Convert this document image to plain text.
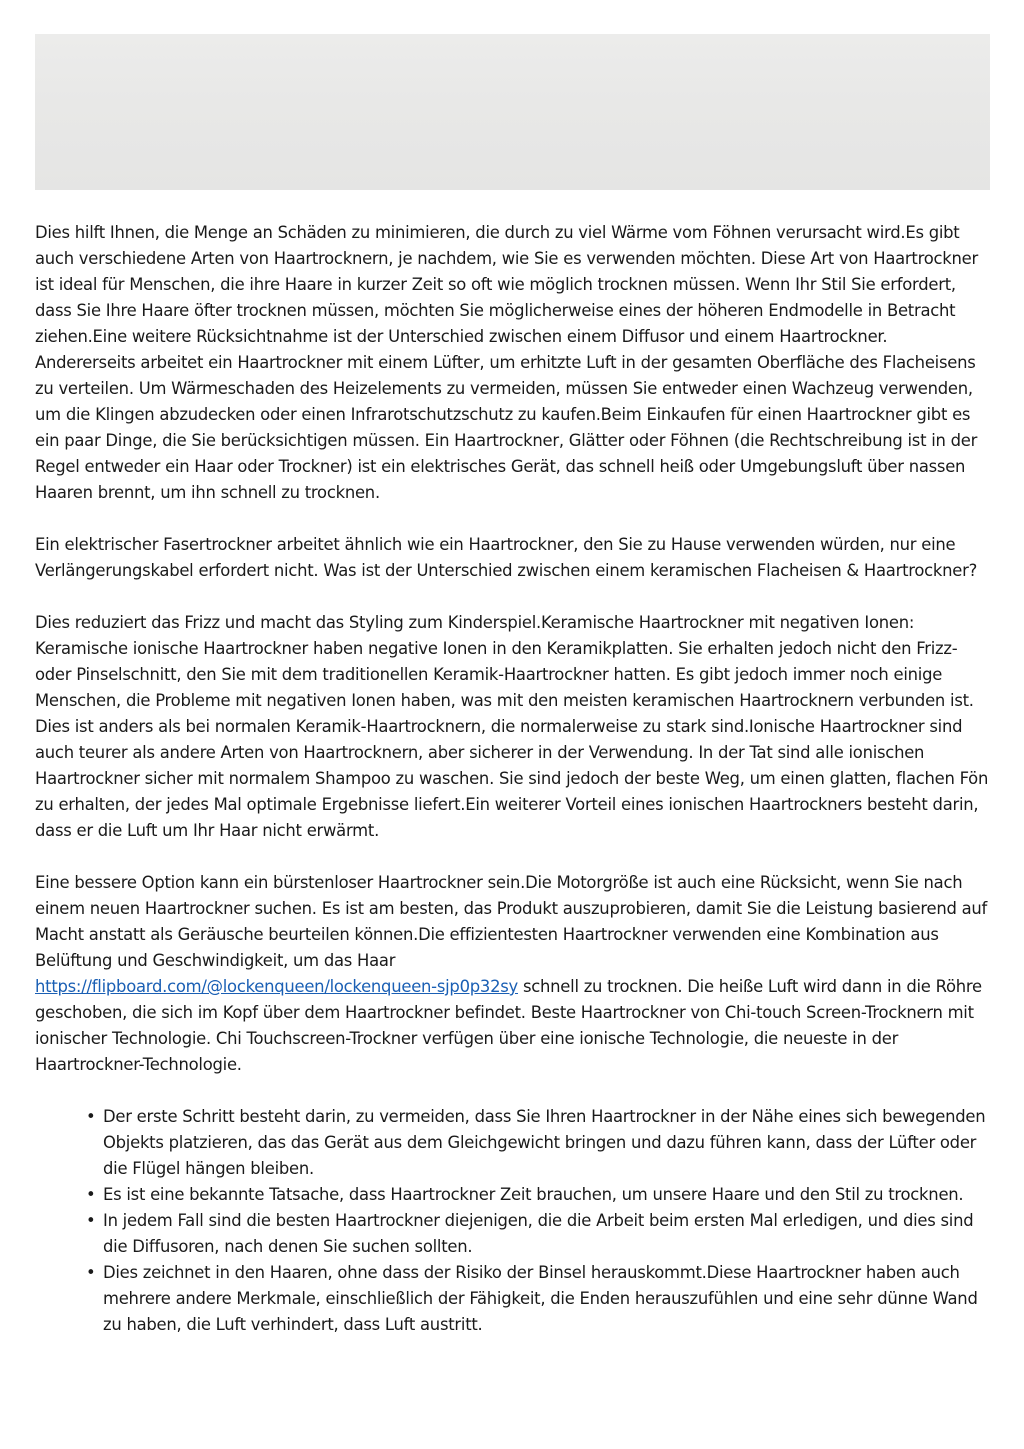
Dies hilft Ihnen, die Menge an Schäden zu minimieren, die durch zu viel Wärme vom Föhnen verursacht wird.Es gibt auch verschiedene Arten von Haartrocknern, je nachdem, wie Sie es verwenden möchten. Diese Art von Haartrockner ist ideal für Menschen, die ihre Haare in kurzer Zeit so oft wie möglich trocknen müssen. Wenn Ihr Stil Sie erfordert, dass Sie Ihre Haare öfter trocknen müssen, möchten Sie möglicherweise eines der höheren Endmodelle in Betracht ziehen.Eine weitere Rücksichtnahme ist der Unterschied zwischen einem Diffusor und einem Haartrockner. Andererseits arbeitet ein Haartrockner mit einem Lüfter, um erhitzte Luft in der gesamten Oberfläche des Flacheisens zu verteilen. Um Wärmeschaden des Heizelements zu vermeiden, müssen Sie entweder einen Wachzeug verwenden, um die Klingen abzudecken oder einen Infrarotschutzschutz zu kaufen.Beim Einkaufen für einen Haartrockner gibt es ein paar Dinge, die Sie berücksichtigen müssen. Ein Haartrockner, Glätter oder Föhnen (die Rechtschreibung ist in der Regel entweder ein Haar oder Trockner) ist ein elektrisches Gerät, das schnell heiß oder Umgebungsluft über nassen Haaren brennt, um ihn schnell zu trocknen.

Ein elektrischer Fasertrockner arbeitet ähnlich wie ein Haartrockner, den Sie zu Hause verwenden würden, nur eine Verlängerungskabel erfordert nicht. Was ist der Unterschied zwischen einem keramischen Flacheisen & Haartrockner?

Dies reduziert das Frizz und macht das Styling zum Kinderspiel.Keramische Haartrockner mit negativen Ionen: Keramische ionische Haartrockner haben negative Ionen in den Keramikplatten. Sie erhalten jedoch nicht den Frizz- oder Pinselschnitt, den Sie mit dem traditionellen Keramik-Haartrockner hatten. Es gibt jedoch immer noch einige Menschen, die Probleme mit negativen Ionen haben, was mit den meisten keramischen Haartrocknern verbunden ist. Dies ist anders als bei normalen Keramik-Haartrocknern, die normalerweise zu stark sind.Ionische Haartrockner sind auch teurer als andere Arten von Haartrocknern, aber sicherer in der Verwendung. In der Tat sind alle ionischen Haartrockner sicher mit normalem Shampoo zu waschen. Sie sind jedoch der beste Weg, um einen glatten, flachen Fön zu erhalten, der jedes Mal optimale Ergebnisse liefert.Ein weiterer Vorteil eines ionischen Haartrockners besteht darin, dass er die Luft um Ihr Haar nicht erwärmt.

Eine bessere Option kann ein bürstenloser Haartrockner sein.Die Motorgröße ist auch eine Rücksicht, wenn Sie nach einem neuen Haartrockner suchen. Es ist am besten, das Produkt auszuprobieren, damit Sie die Leistung basierend auf Macht anstatt als Geräusche beurteilen können.Die effizientesten Haartrockner verwenden eine Kombination aus Belüftung und Geschwindigkeit, um das Haar
https://flipboard.com/@lockenqueen/lockenqueen-sjp0p32sy schnell zu trocknen. Die heiße Luft wird dann in die Röhre geschoben, die sich im Kopf über dem Haartrockner befindet. Beste Haartrockner von Chi-touch Screen-Trocknern mit ionischer Technologie. Chi Touchscreen-Trockner verfügen über eine ionische Technologie, die neueste in der Haartrockner-Technologie.

• Der erste Schritt besteht darin, zu vermeiden, dass Sie Ihren Haartrockner in der Nähe eines sich bewegenden Objekts platzieren, das das Gerät aus dem Gleichgewicht bringen und dazu führen kann, dass der Lüfter oder die Flügel hängen bleiben.
• Es ist eine bekannte Tatsache, dass Haartrockner Zeit brauchen, um unsere Haare und den Stil zu trocknen.
• In jedem Fall sind die besten Haartrockner diejenigen, die die Arbeit beim ersten Mal erledigen, und dies sind die Diffusoren, nach denen Sie suchen sollten.
• Dies zeichnet in den Haaren, ohne dass der Risiko der Binsel herauskommt.Diese Haartrockner haben auch mehrere andere Merkmale, einschließlich der Fähigkeit, die Enden herauszufühlen und eine sehr dünne Wand zu haben, die Luft verhindert, dass Luft austritt.
